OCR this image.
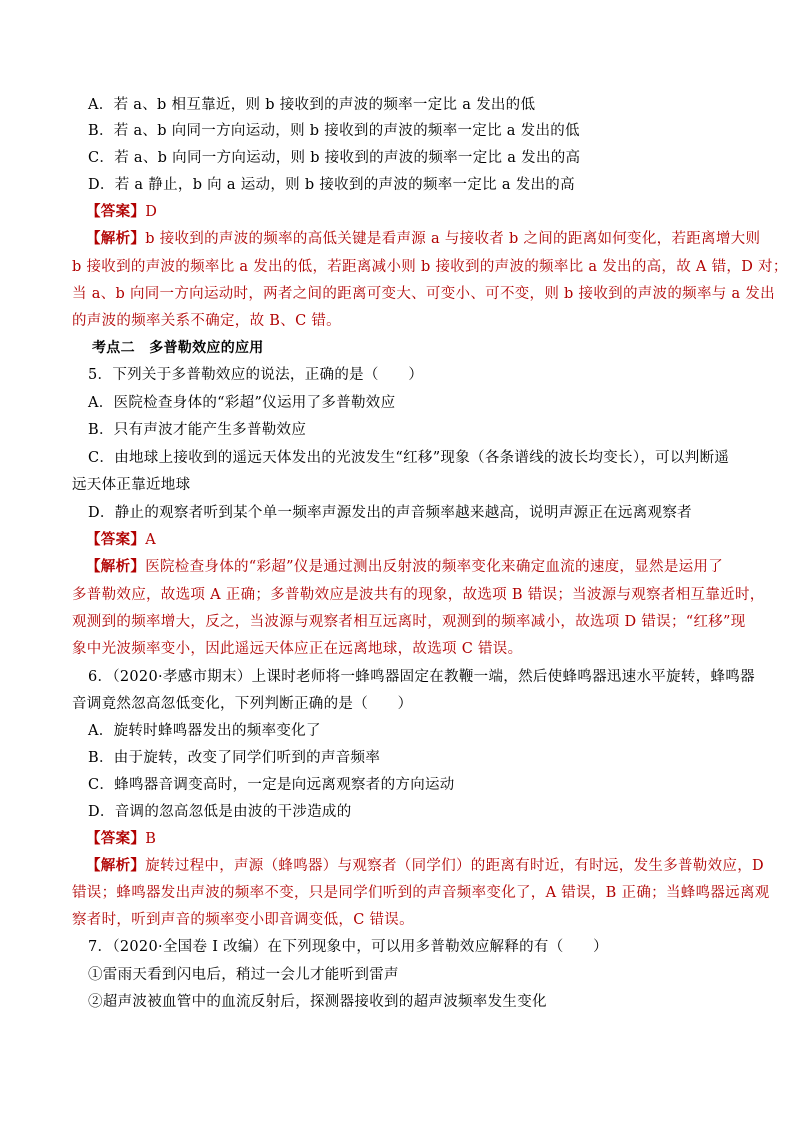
A．若 a、b 相互靠近，则 b 接收到的声波的频率一定比 a 发出的低
B．若 a、b 向同一方向运动，则 b 接收到的声波的频率一定比 a 发出的低
C．若 a、b 向同一方向运动，则 b 接收到的声波的频率一定比 a 发出的高
D．若 a 静止，b 向 a 运动，则 b 接收到的声波的频率一定比 a 发出的高
【答案】D
【解析】b 接收到的声波的频率的高低关键是看声源 a 与接收者 b 之间的距离如何变化，若距离增大则
b 接收到的声波的频率比 a 发出的低，若距离减小则 b 接收到的声波的频率比 a 发出的高，故 A 错，D 对；
当 a、b 向同一方向运动时，两者之间的距离可变大、可变小、可不变，则 b 接收到的声波的频率与 a 发出
的声波的频率关系不确定，故 B、C 错。
考点二　多普勒效应的应用
5．下列关于多普勒效应的说法，正确的是（　　）
A．医院检查身体的“彩超”仪运用了多普勒效应
B．只有声波才能产生多普勒效应
C．由地球上接收到的遥远天体发出的光波发生“红移”现象（各条谱线的波长均变长），可以判断遥
远天体正靠近地球
D．静止的观察者听到某个单一频率声源发出的声音频率越来越高，说明声源正在远离观察者
【答案】A
【解析】医院检查身体的“彩超”仪是通过测出反射波的频率变化来确定血流的速度，显然是运用了
多普勒效应，故选项 A 正确；多普勒效应是波共有的现象，故选项 B 错误；当波源与观察者相互靠近时，
观测到的频率增大，反之，当波源与观察者相互远离时，观测到的频率减小，故选项 D 错误；“红移”现
象中光波频率变小，因此遥远天体应正在远离地球，故选项 C 错误。
6．（2020·孝感市期末）上课时老师将一蜂鸣器固定在教鞭一端，然后使蜂鸣器迅速水平旋转，蜂鸣器
音调竟然忽高忽低变化，下列判断正确的是（　　）
A．旋转时蜂鸣器发出的频率变化了
B．由于旋转，改变了同学们听到的声音频率
C．蜂鸣器音调变高时，一定是向远离观察者的方向运动
D．音调的忽高忽低是由波的干涉造成的
【答案】B
【解析】旋转过程中，声源（蜂鸣器）与观察者（同学们）的距离有时近，有时远，发生多普勒效应，D
错误；蜂鸣器发出声波的频率不变，只是同学们听到的声音频率变化了，A 错误，B 正确；当蜂鸣器远离观
察者时，听到声音的频率变小即音调变低，C 错误。
7．（2020·全国卷 I 改编）在下列现象中，可以用多普勒效应解释的有（　　）
①雷雨天看到闪电后，稍过一会儿才能听到雷声
②超声波被血管中的血流反射后，探测器接收到的超声波频率发生变化
